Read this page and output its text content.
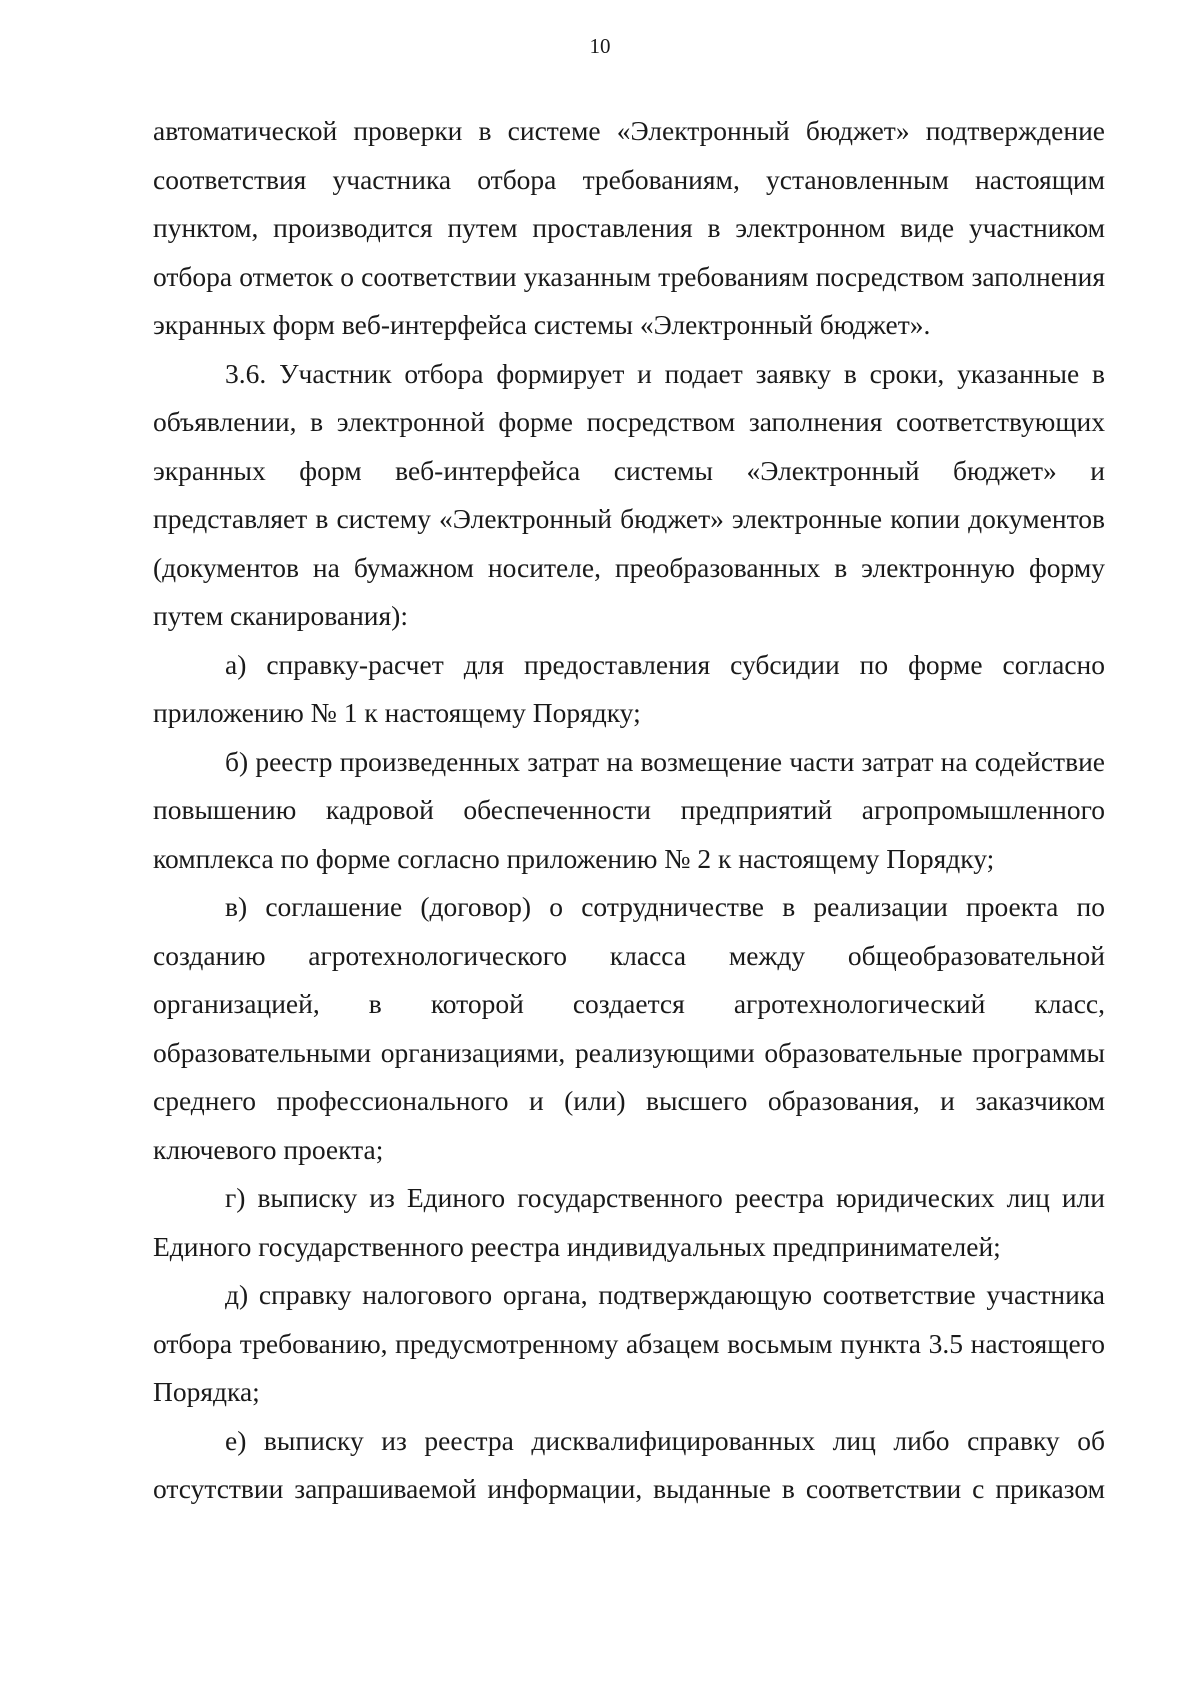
10

автоматической проверки в системе «Электронный бюджет» подтверждение соответствия участника отбора требованиям, установленным настоящим пунктом, производится путем проставления в электронном виде участником отбора отметок о соответствии указанным требованиям посредством заполнения экранных форм веб-интерфейса системы «Электронный бюджет».

3.6. Участник отбора формирует и подает заявку в сроки, указанные в объявлении, в электронной форме посредством заполнения соответствующих экранных форм веб-интерфейса системы «Электронный бюджет» и представляет в систему «Электронный бюджет» электронные копии документов (документов на бумажном носителе, преобразованных в электронную форму путем сканирования):

а) справку-расчет для предоставления субсидии по форме согласно приложению № 1 к настоящему Порядку;

б) реестр произведенных затрат на возмещение части затрат на содействие повышению кадровой обеспеченности предприятий агропромышленного комплекса по форме согласно приложению № 2 к настоящему Порядку;

в) соглашение (договор) о сотрудничестве в реализации проекта по созданию агротехнологического класса между общеобразовательной организацией, в которой создается агротехнологический класс, образовательными организациями, реализующими образовательные программы среднего профессионального и (или) высшего образования, и заказчиком ключевого проекта;

г) выписку из Единого государственного реестра юридических лиц или Единого государственного реестра индивидуальных предпринимателей;

д) справку налогового органа, подтверждающую соответствие участника отбора требованию, предусмотренному абзацем восьмым пункта 3.5 настоящего Порядка;

е) выписку из реестра дисквалифицированных лиц либо справку об отсутствии запрашиваемой информации, выданные в соответствии с приказом
